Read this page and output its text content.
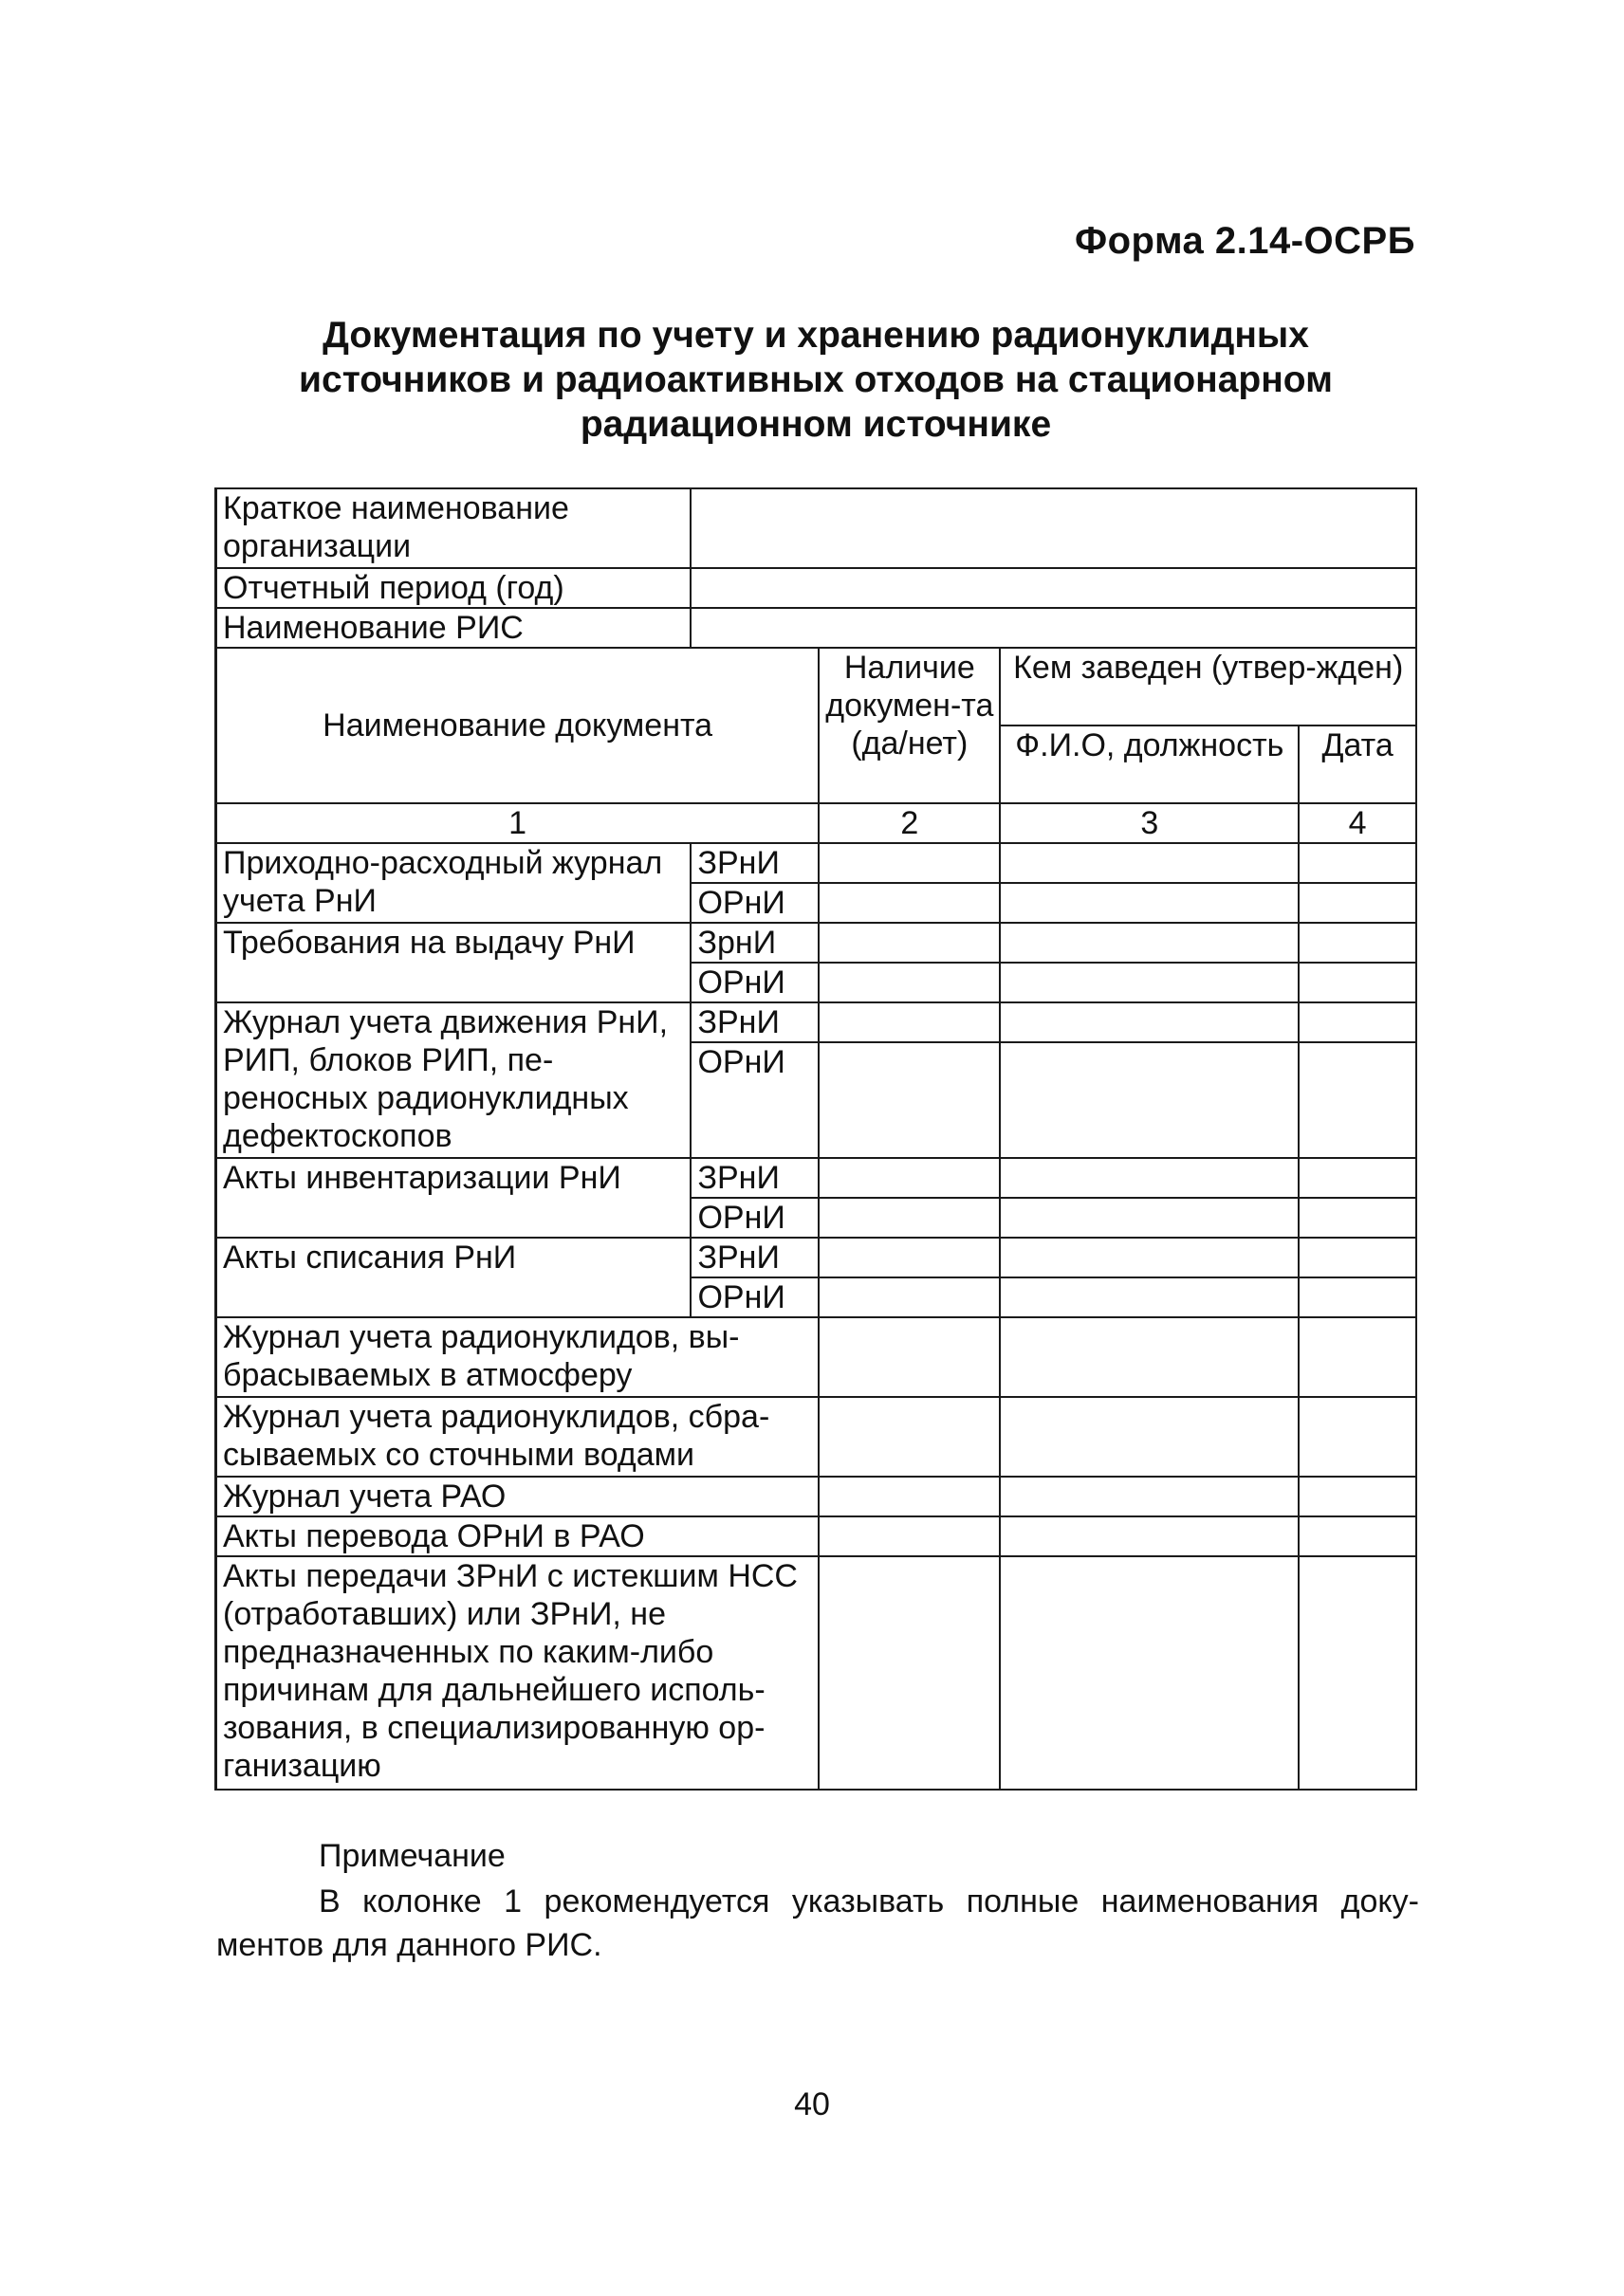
Форма 2.14-ОСРБ
Документация по учету и хранению радионуклидных
источников и радиоактивных отходов на стационарном
радиационном источнике
Краткое наименование организации				
Отчетный период (год)				
Наименование РИС				
Наименование документа		Наличие докумен-та (да/нет)	Кем заведен (утвер-жден)	
			Ф.И.О, должность	Дата
1		2	3	4
Приходно-расходный журнал учета РнИ	ЗРнИ			
	ОРнИ			
Требования на выдачу РнИ	ЗрнИ			
	ОРнИ			
Журнал учета движения РнИ, РИП, блоков РИП, пе-реносных радионуклидных дефектоскопов	ЗРнИ			
	ОРнИ			
Акты инвентаризации РнИ	ЗРнИ			
	ОРнИ			
Акты списания РнИ	ЗРнИ			
	ОРнИ			
Журнал учета радионуклидов, вы-брасываемых в атмосферу				
Журнал учета радионуклидов, сбра-сываемых со сточными водами				
Журнал учета РАО				
Акты перевода ОРнИ в РАО				
Акты передачи ЗРнИ с истекшим НСС (отработавших) или ЗРнИ, не предназначенных по каким-либо причинам для дальнейшего исполь-зования, в специализированную ор-ганизацию				
Примечание
В колонке 1 рекомендуется указывать полные наименования доку-ментов для данного РИС.
40
